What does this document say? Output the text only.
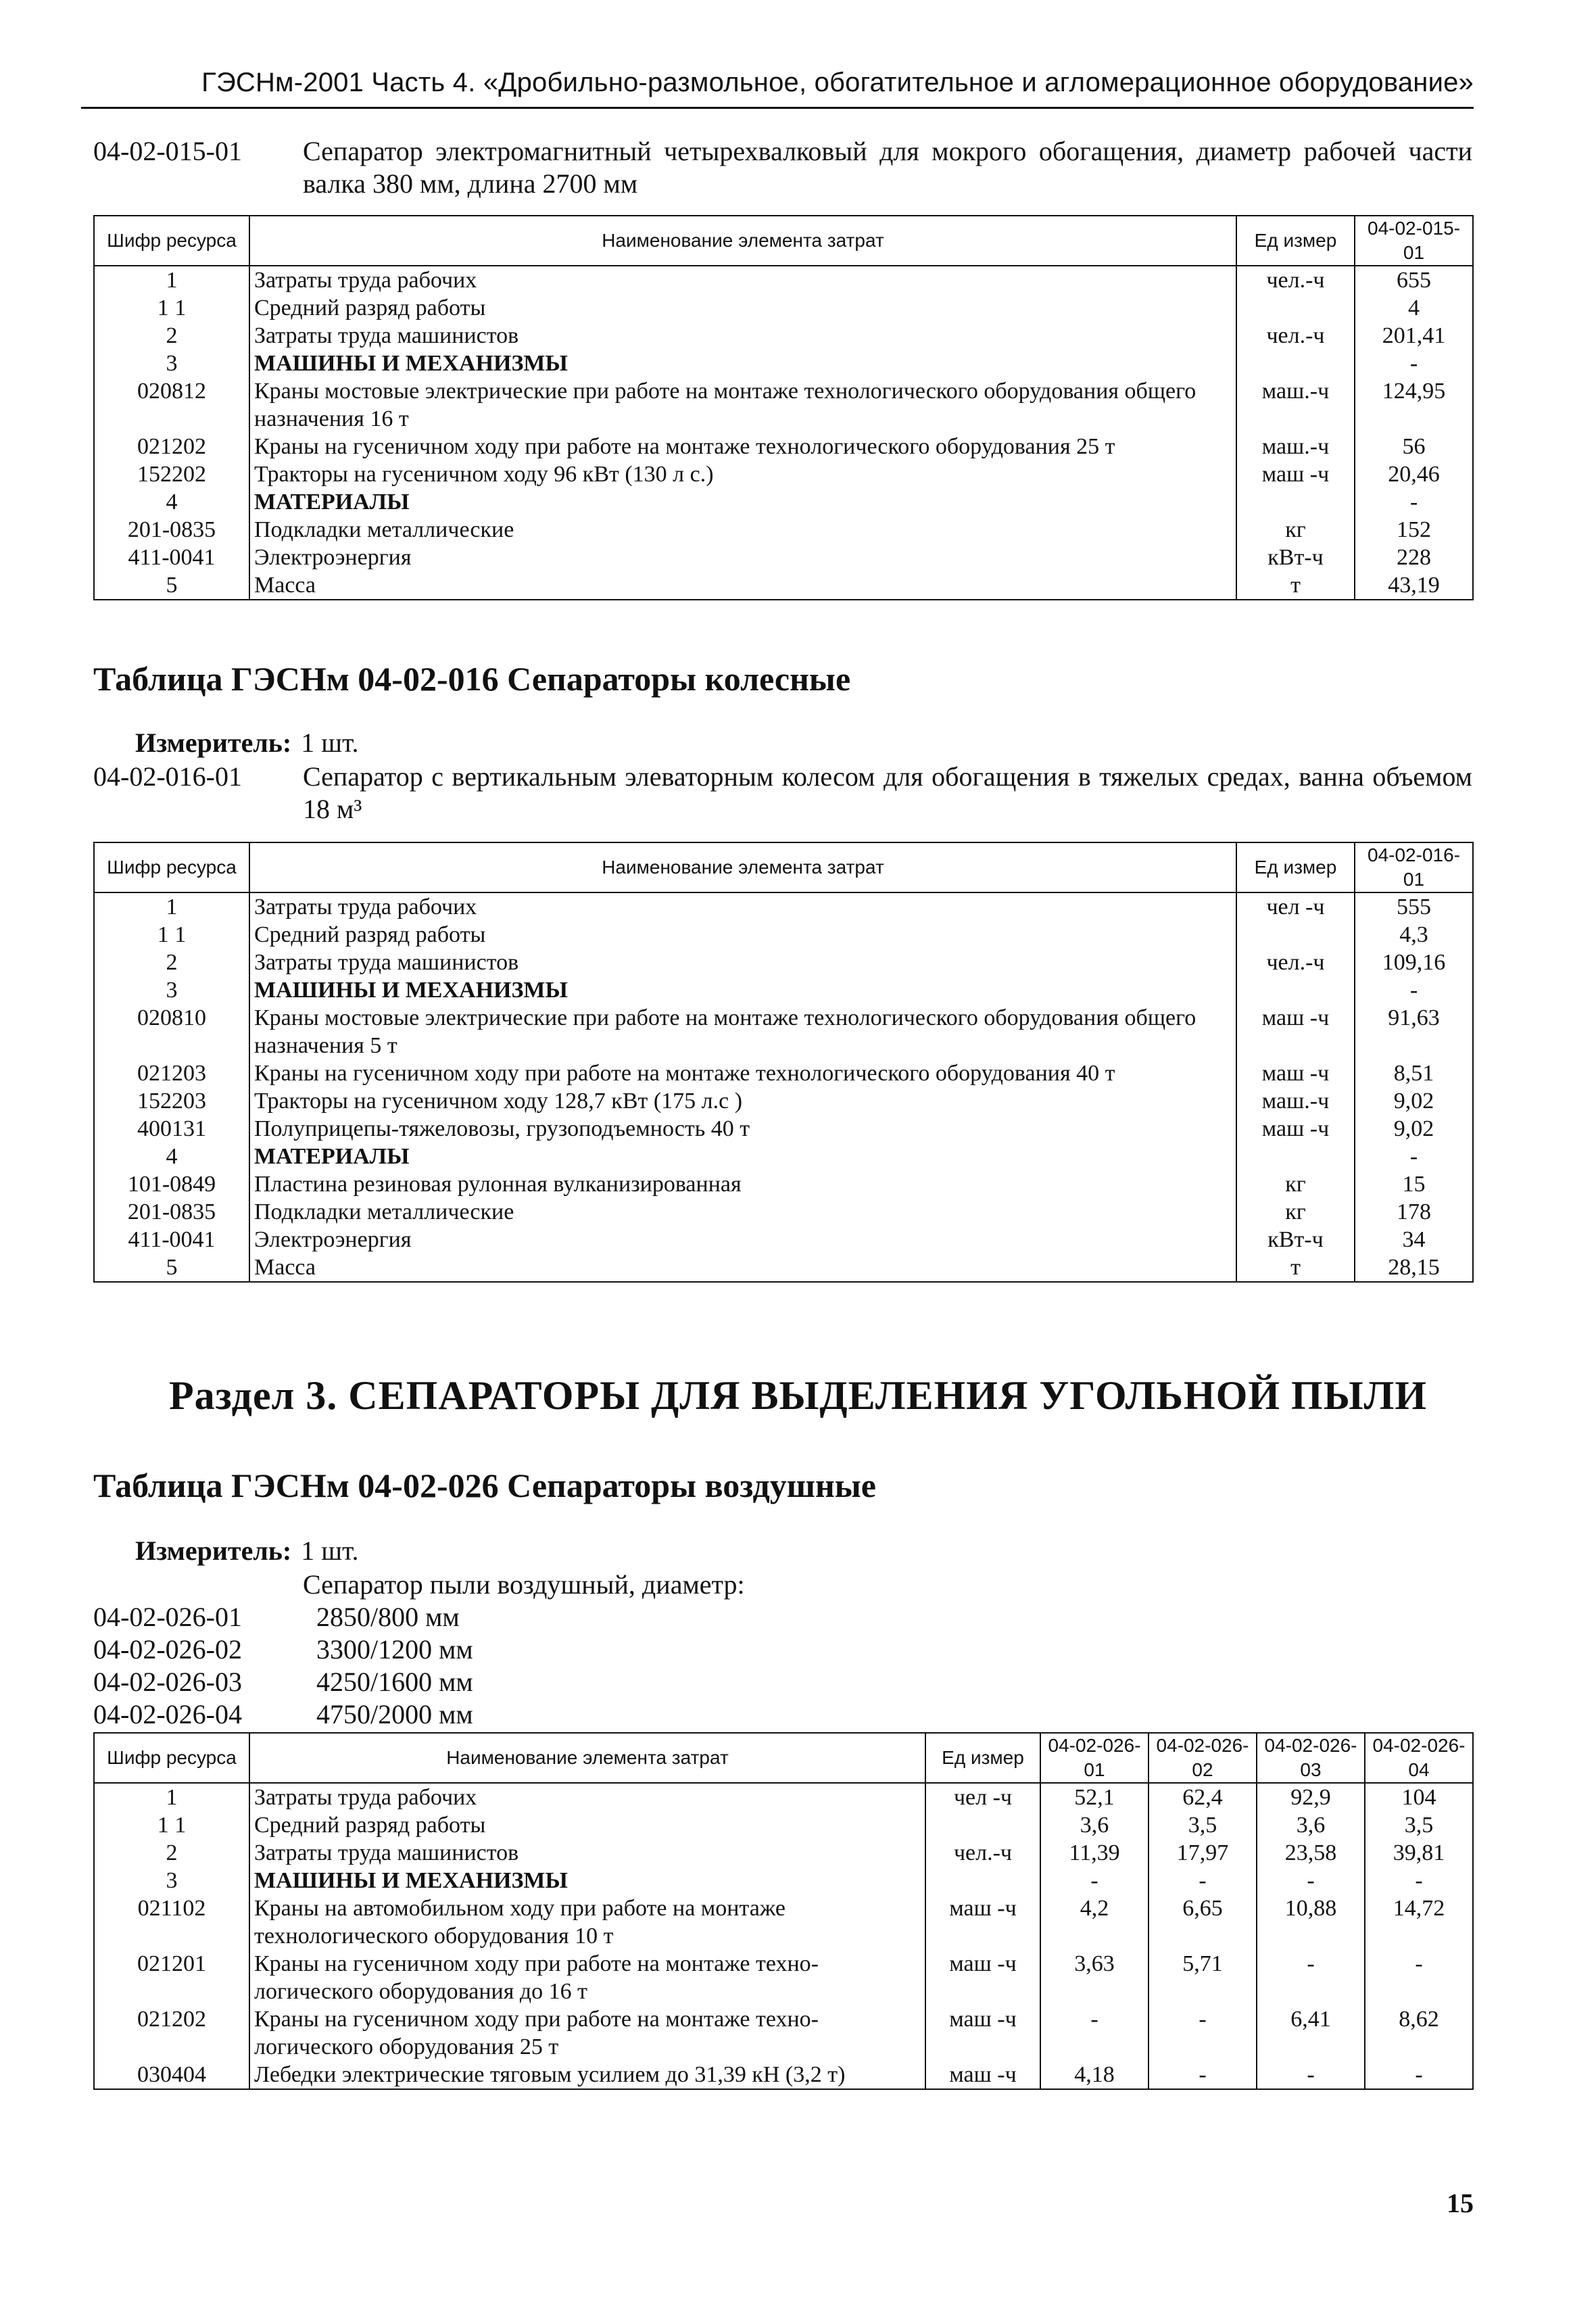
ГЭСНм-2001 Часть 4. «Дробильно-размольное, обогатительное и агломерационное оборудование»
04-02-015-01 Сепаратор электромагнитный четырехвалковый для мокрого обогащения, диаметр рабочей части валка 380 мм, длина 2700 мм
Шифр ресурса	Наименование элемента затрат	Ед измер	04-02-015-01
1	Затраты труда рабочих	чел.-ч	655
1 1	Средний разряд работы		4
2	Затраты труда машинистов	чел.-ч	201,41
3	МАШИНЫ И МЕХАНИЗМЫ		-
020812	Краны мостовые электрические при работе на монтаже технологического оборудования общего назначения 16 т	маш.-ч	124,95
021202	Краны на гусеничном ходу при работе на монтаже технологического оборудования 25 т	маш.-ч	56
152202	Тракторы на гусеничном ходу 96 кВт (130 л с.)	маш -ч	20,46
4	МАТЕРИАЛЫ		-
201-0835	Подкладки металлические	кг	152
411-0041	Электроэнергия	кВт-ч	228
5	Масса	т	43,19
Таблица ГЭСНм 04-02-016 Сепараторы колесные
Измеритель: 1 шт.
04-02-016-01 Сепаратор с вертикальным элеваторным колесом для обогащения в тяжелых средах, ванна объемом 18 м³
Шифр ресурса	Наименование элемента затрат	Ед измер	04-02-016-01
1	Затраты труда рабочих	чел -ч	555
1 1	Средний разряд работы		4,3
2	Затраты труда машинистов	чел.-ч	109,16
3	МАШИНЫ И МЕХАНИЗМЫ		-
020810	Краны мостовые электрические при работе на монтаже технологического оборудования общего назначения 5 т	маш -ч	91,63
021203	Краны на гусеничном ходу при работе на монтаже технологического оборудования 40 т	маш -ч	8,51
152203	Тракторы на гусеничном ходу 128,7 кВт (175 л.с )	маш.-ч	9,02
400131	Полуприцепы-тяжеловозы, грузоподъемность 40 т	маш -ч	9,02
4	МАТЕРИАЛЫ		-
101-0849	Пластина резиновая рулонная вулканизированная	кг	15
201-0835	Подкладки металлические	кг	178
411-0041	Электроэнергия	кВт-ч	34
5	Масса	т	28,15
Раздел 3. СЕПАРАТОРЫ ДЛЯ ВЫДЕЛЕНИЯ УГОЛЬНОЙ ПЫЛИ
Таблица ГЭСНм 04-02-026 Сепараторы воздушные
Измеритель: 1 шт.
Сепаратор пыли воздушный, диаметр:
04-02-026-01	2850/800 мм
04-02-026-02	3300/1200 мм
04-02-026-03	4250/1600 мм
04-02-026-04	4750/2000 мм
Шифр ресурса	Наименование элемента затрат	Ед измер	04-02-026-01	04-02-026-02	04-02-026-03	04-02-026-04
1	Затраты труда рабочих	чел -ч	52,1	62,4	92,9	104
1 1	Средний разряд работы		3,6	3,5	3,6	3,5
2	Затраты труда машинистов	чел.-ч	11,39	17,97	23,58	39,81
3	МАШИНЫ И МЕХАНИЗМЫ		-	-	-	-
021102	Краны на автомобильном ходу при работе на монтаже технологического оборудования 10 т	маш -ч	4,2	6,65	10,88	14,72
021201	Краны на гусеничном ходу при работе на монтаже техно-логического оборудования до 16 т	маш -ч	3,63	5,71	-	-
021202	Краны на гусеничном ходу при работе на монтаже техно-логического оборудования 25 т	маш -ч	-	-	6,41	8,62
030404	Лебедки электрические тяговым усилием до 31,39 кН (3,2 т)	маш -ч	4,18	-	-	-
15
